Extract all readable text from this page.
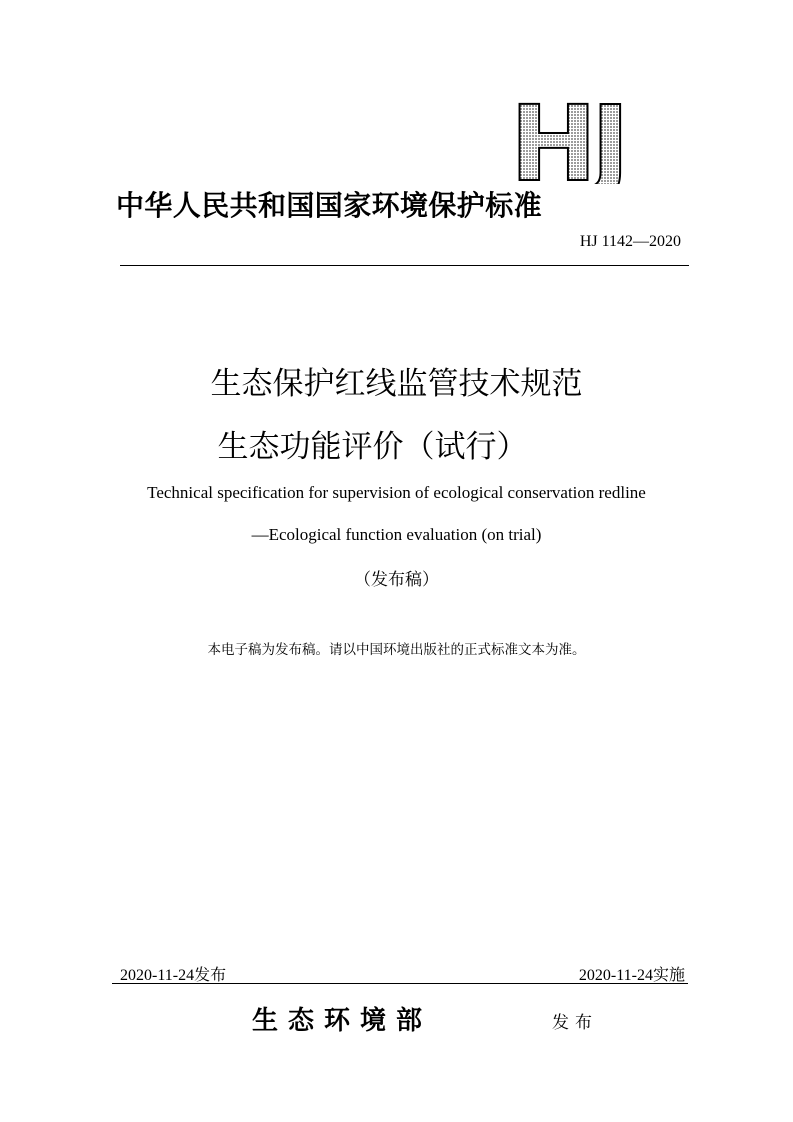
HJ
中华人民共和国国家环境保护标准
HJ 1142—2020
生态保护红线监管技术规范
生态功能评价（试行）
Technical specification for supervision of ecological conservation redline
—Ecological function evaluation (on trial)
（发布稿）
本电子稿为发布稿。请以中国环境出版社的正式标准文本为准。
2020-11-24发布	2020-11-24实施
生态环境部	发布
